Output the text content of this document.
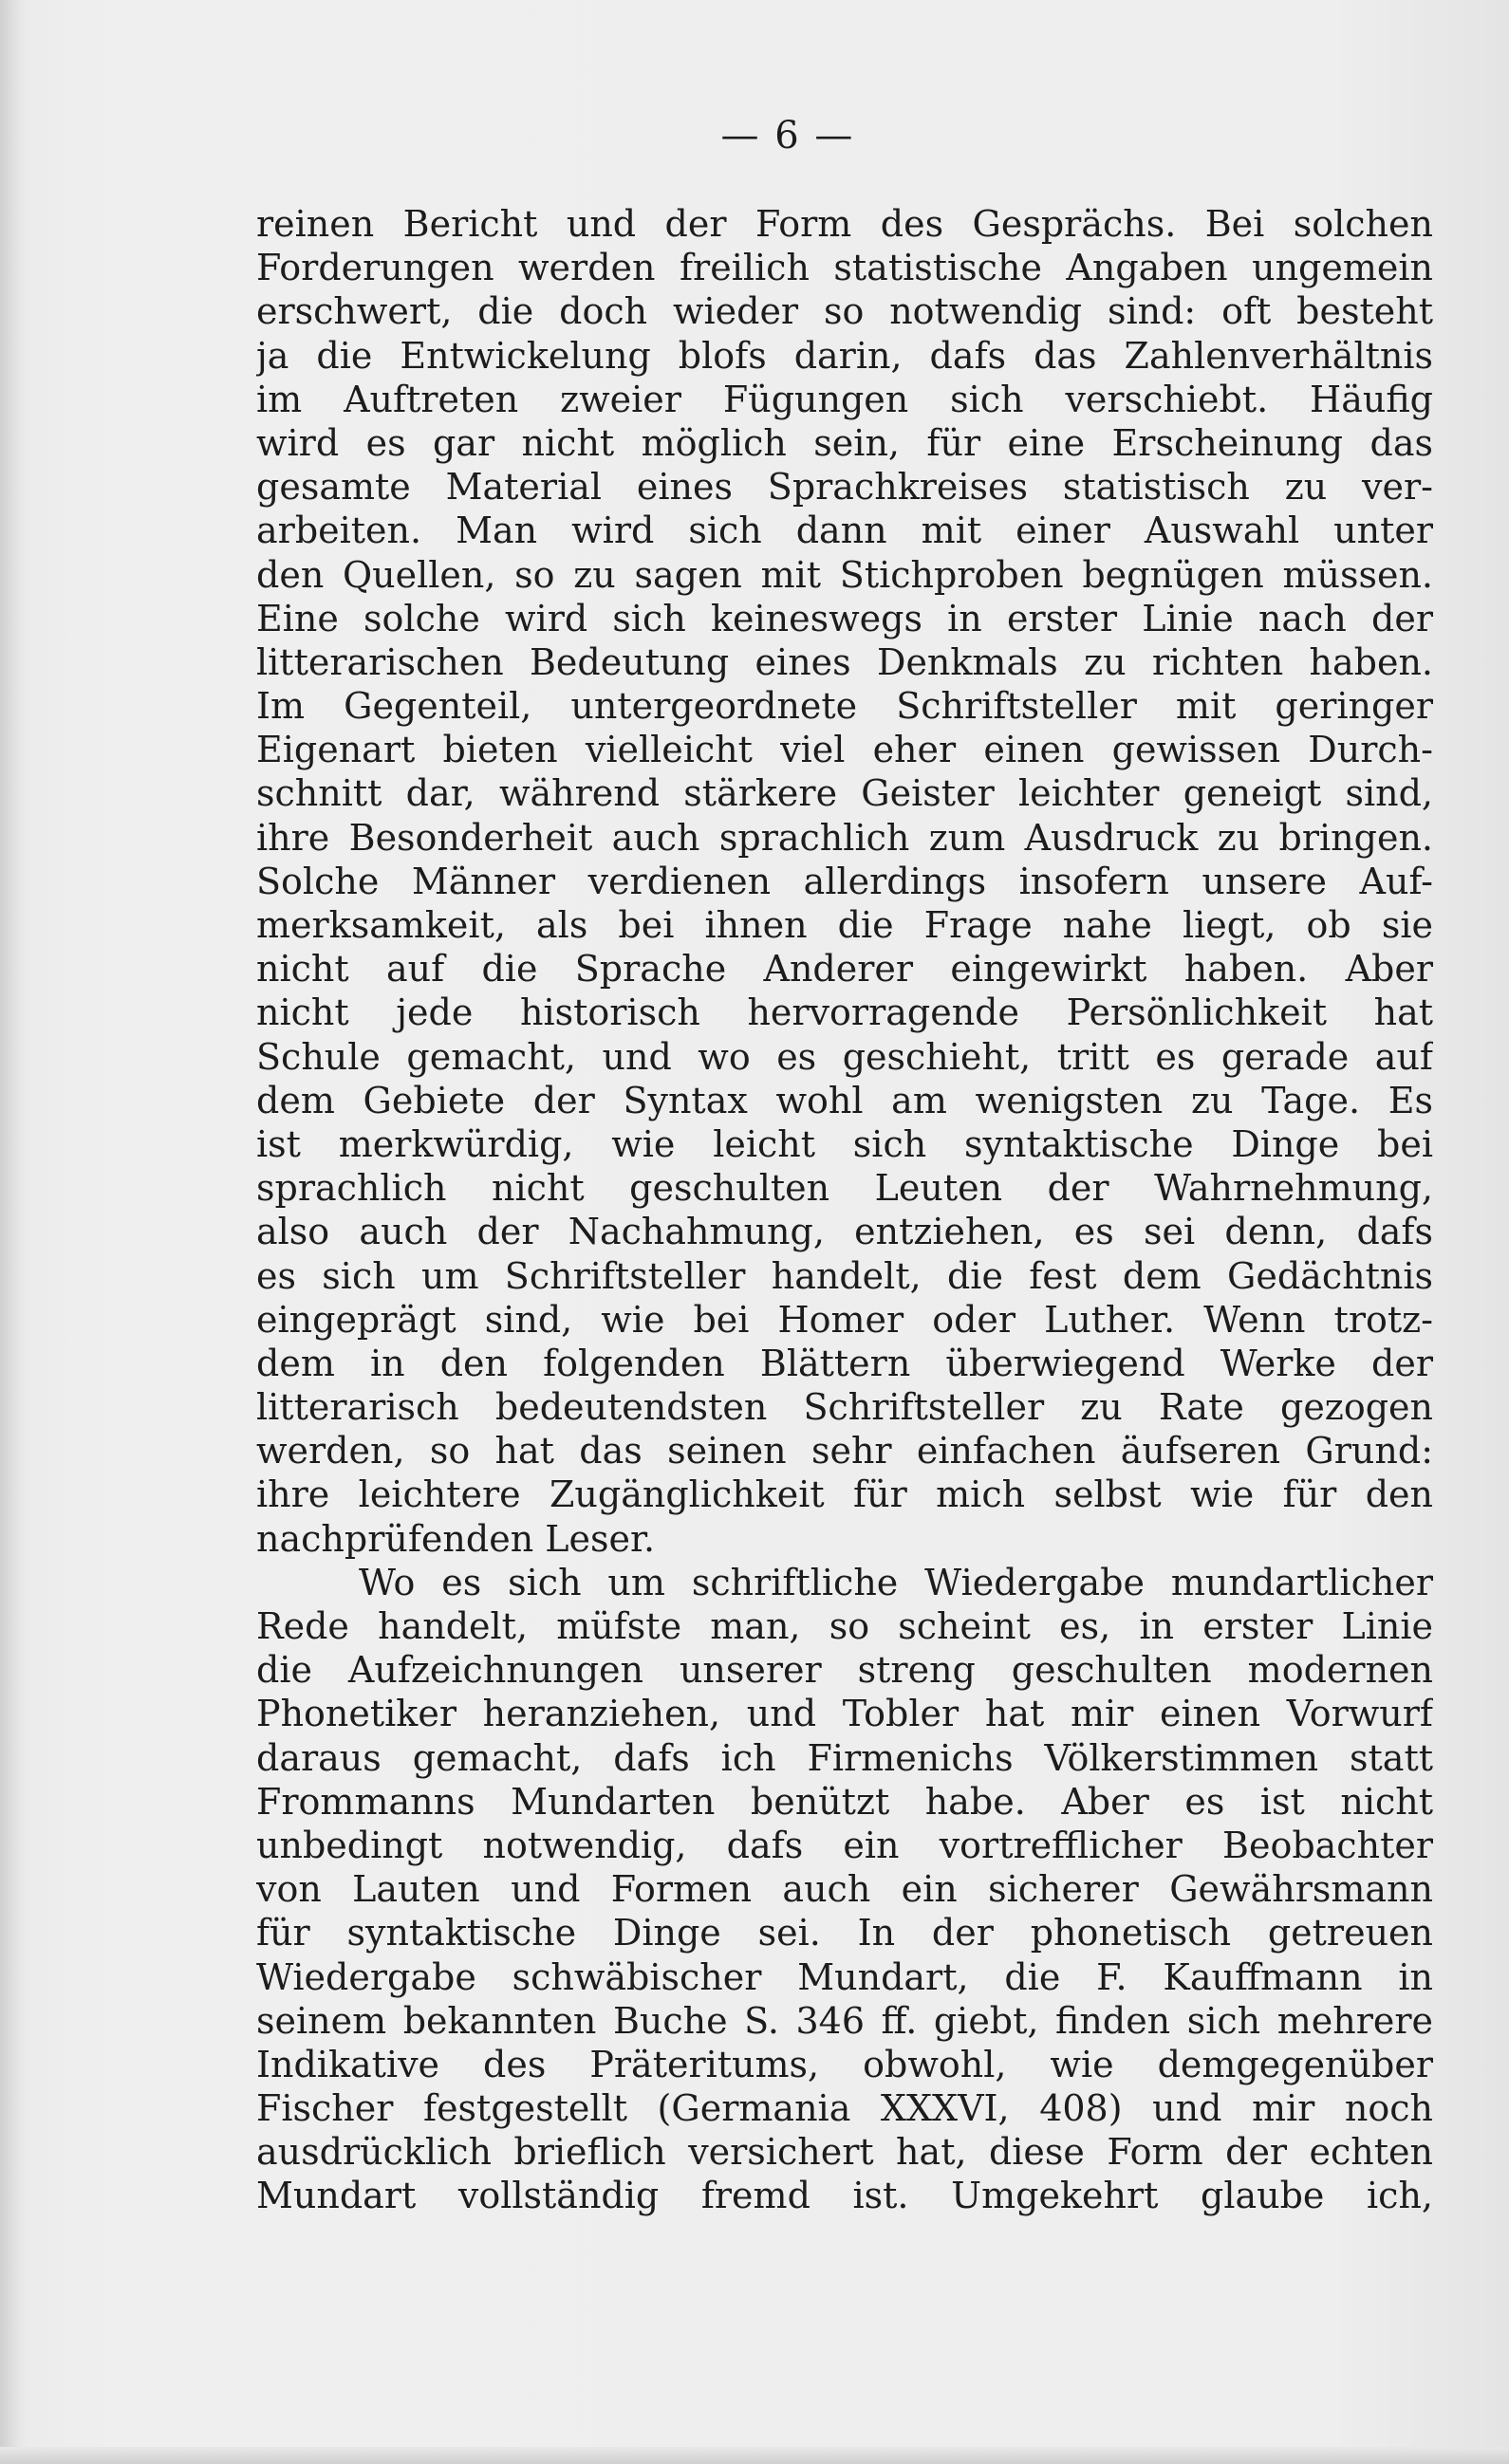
— 6 —
reinen Bericht und der Form des Gesprächs. Bei solchen
Forderungen werden freilich statistische Angaben ungemein
erschwert, die doch wieder so notwendig sind: oft besteht
ja die Entwickelung blofs darin, dafs das Zahlenverhältnis
im Auftreten zweier Fügungen sich verschiebt. Häufig
wird es gar nicht möglich sein, für eine Erscheinung das
gesamte Material eines Sprachkreises statistisch zu ver-
arbeiten. Man wird sich dann mit einer Auswahl unter
den Quellen, so zu sagen mit Stichproben begnügen müssen.
Eine solche wird sich keineswegs in erster Linie nach der
litterarischen Bedeutung eines Denkmals zu richten haben.
Im Gegenteil, untergeordnete Schriftsteller mit geringer
Eigenart bieten vielleicht viel eher einen gewissen Durch-
schnitt dar, während stärkere Geister leichter geneigt sind,
ihre Besonderheit auch sprachlich zum Ausdruck zu bringen.
Solche Männer verdienen allerdings insofern unsere Auf-
merksamkeit, als bei ihnen die Frage nahe liegt, ob sie
nicht auf die Sprache Anderer eingewirkt haben. Aber
nicht jede historisch hervorragende Persönlichkeit hat
Schule gemacht, und wo es geschieht, tritt es gerade auf
dem Gebiete der Syntax wohl am wenigsten zu Tage. Es
ist merkwürdig, wie leicht sich syntaktische Dinge bei
sprachlich nicht geschulten Leuten der Wahrnehmung,
also auch der Nachahmung, entziehen, es sei denn, dafs
es sich um Schriftsteller handelt, die fest dem Gedächtnis
eingeprägt sind, wie bei Homer oder Luther. Wenn trotz-
dem in den folgenden Blättern überwiegend Werke der
litterarisch bedeutendsten Schriftsteller zu Rate gezogen
werden, so hat das seinen sehr einfachen äufseren Grund:
ihre leichtere Zugänglichkeit für mich selbst wie für den
nachprüfenden Leser.
Wo es sich um schriftliche Wiedergabe mundartlicher
Rede handelt, müfste man, so scheint es, in erster Linie
die Aufzeichnungen unserer streng geschulten modernen
Phonetiker heranziehen, und Tobler hat mir einen Vorwurf
daraus gemacht, dafs ich Firmenichs Völkerstimmen statt
Frommanns Mundarten benützt habe. Aber es ist nicht
unbedingt notwendig, dafs ein vortrefflicher Beobachter
von Lauten und Formen auch ein sicherer Gewährsmann
für syntaktische Dinge sei. In der phonetisch getreuen
Wiedergabe schwäbischer Mundart, die F. Kauffmann in
seinem bekannten Buche S. 346 ff. giebt, finden sich mehrere
Indikative des Präteritums, obwohl, wie demgegenüber
Fischer festgestellt (Germania XXXVI, 408) und mir noch
ausdrücklich brieflich versichert hat, diese Form der echten
Mundart vollständig fremd ist. Umgekehrt glaube ich,
